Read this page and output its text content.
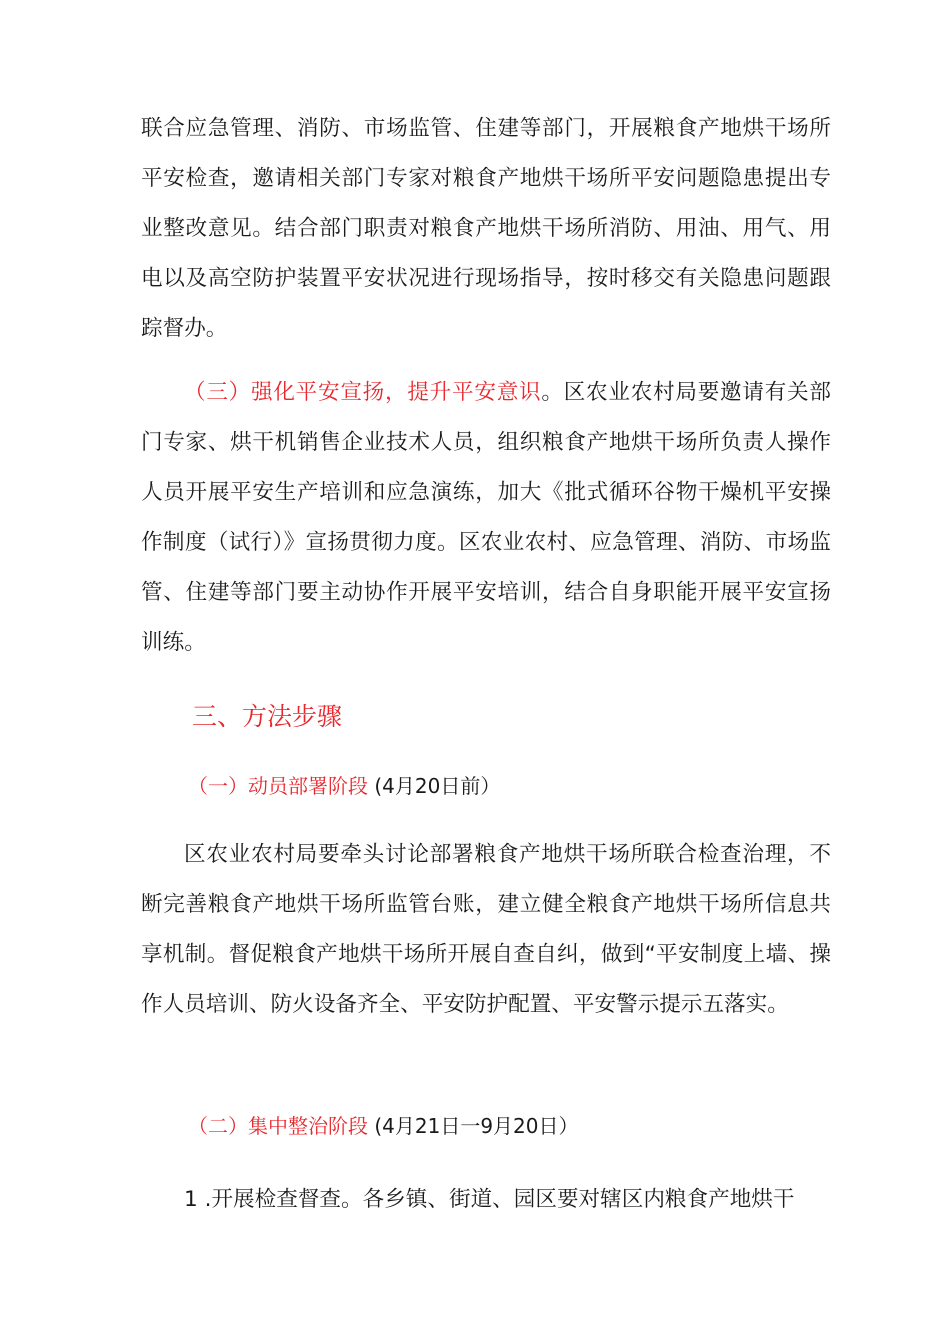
联合应急管理、消防、市场监管、住建等部门，开展粮食产地烘干场所平安检查，邀请相关部门专家对粮食产地烘干场所平安问题隐患提出专业整改意见。结合部门职责对粮食产地烘干场所消防、用油、用气、用电以及高空防护装置平安状况进行现场指导，按时移交有关隐患问题跟踪督办。

（三）强化平安宣扬，提升平安意识。区农业农村局要邀请有关部门专家、烘干机销售企业技术人员，组织粮食产地烘干场所负责人操作人员开展平安生产培训和应急演练，加大《批式循环谷物干燥机平安操作制度（试行）》宣扬贯彻力度。区农业农村、应急管理、消防、市场监管、住建等部门要主动协作开展平安培训，结合自身职能开展平安宣扬训练。

三、方法步骤
（一）动员部署阶段 (4月20日前）

区农业农村局要牵头讨论部署粮食产地烘干场所联合检查治理，不断完善粮食产地烘干场所监管台账，建立健全粮食产地烘干场所信息共享机制。督促粮食产地烘干场所开展自查自纠，做到“平安制度上墙、操作人员培训、防火设备齐全、平安防护配置、平安警示提示五落实。

（二）集中整治阶段 (4月21日一9月20日）

1 .开展检查督查。各乡镇、街道、园区要对辖区内粮食产地烘干
